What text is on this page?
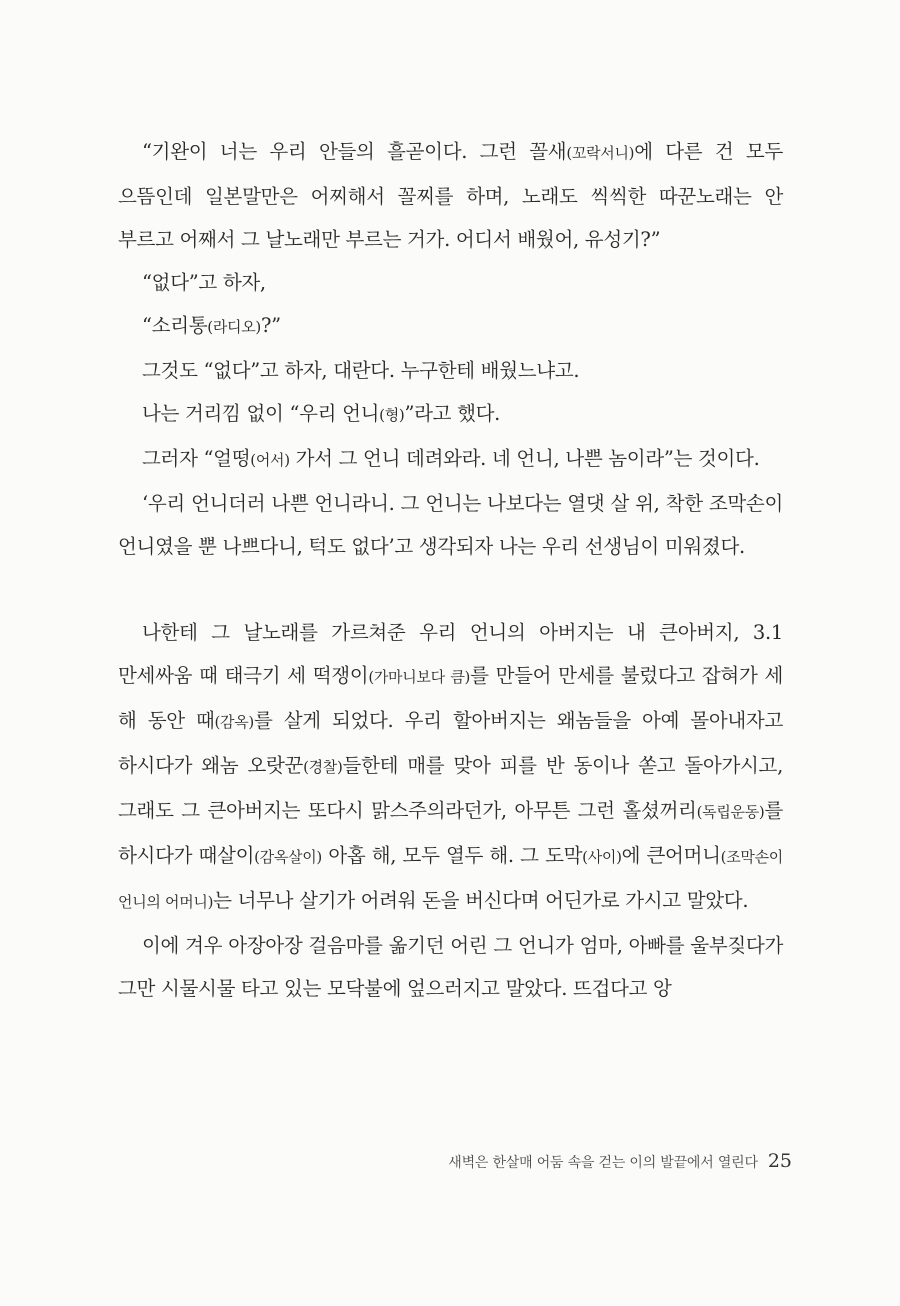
“기완이 너는 우리 안들의 흘곧이다. 그런 꼴새(꼬락서니)에 다른 건 모두 으뜸인데 일본말만은 어찌해서 꼴찌를 하며, 노래도 씩씩한 따꾼노래는 안 부르고 어째서 그 날노래만 부르는 거가. 어디서 배웠어, 유성기?”

“없다”고 하자,

“소리통(라디오)?”

그것도 “없다”고 하자, 대란다. 누구한테 배웠느냐고.

나는 거리낌 없이 “우리 언니(형)”라고 했다.

그러자 “얼떵(어서) 가서 그 언니 데려와라. 네 언니, 나쁜 놈이라”는 것이다.

‘우리 언니더러 나쁜 언니라니. 그 언니는 나보다는 열댓 살 위, 착한 조막손이 언니였을 뿐 나쁘다니, 턱도 없다’고 생각되자 나는 우리 선생님이 미워졌다.

나한테 그 날노래를 가르쳐준 우리 언니의 아버지는 내 큰아버지, 3.1 만세싸움 때 태극기 세 떡쟁이(가마니보다 큼)를 만들어 만세를 불렀다고 잡혀가 세 해 동안 때(감옥)를 살게 되었다. 우리 할아버지는 왜놈들을 아예 몰아내자고 하시다가 왜놈 오랏꾼(경찰)들한테 매를 맞아 피를 반 동이나 쏟고 돌아가시고, 그래도 그 큰아버지는 또다시 맑스주의라던가, 아무튼 그런 홀셨꺼리(독립운동)를 하시다가 때살이(감옥살이) 아홉 해, 모두 열두 해. 그 도막(사이)에 큰어머니(조막손이 언니의 어머니)는 너무나 살기가 어려워 돈을 버신다며 어딘가로 가시고 말았다.

이에 겨우 아장아장 걸음마를 옮기던 어린 그 언니가 엄마, 아빠를 울부짖다가 그만 시물시물 타고 있는 모닥불에 엎으러지고 말았다. 뜨겁다고 앙

새벽은 한살매 어둠 속을 걷는 이의 발끝에서 열린다 25
